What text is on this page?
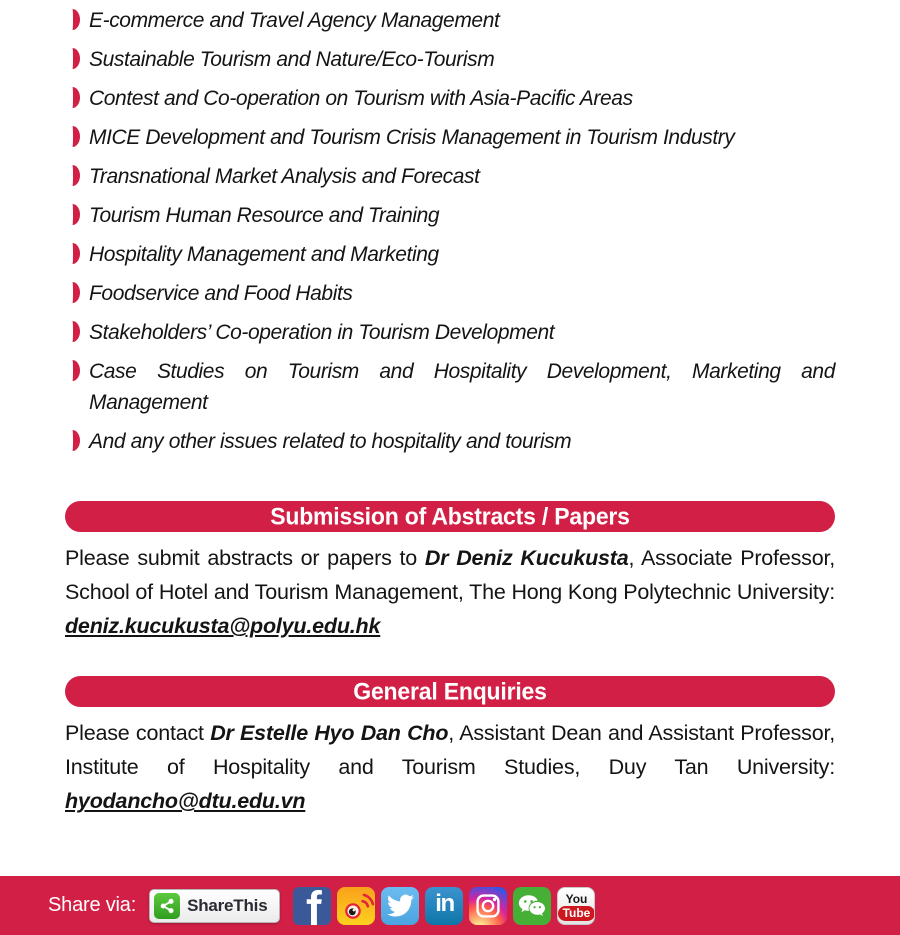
E-commerce and Travel Agency Management
Sustainable Tourism and Nature/Eco-Tourism
Contest and Co-operation on Tourism with Asia-Pacific Areas
MICE Development and Tourism Crisis Management in Tourism Industry
Transnational Market Analysis and Forecast
Tourism Human Resource and Training
Hospitality Management and Marketing
Foodservice and Food Habits
Stakeholders’ Co-operation in Tourism Development
Case Studies on Tourism and Hospitality Development, Marketing and Management
And any other issues related to hospitality and tourism
Submission of Abstracts / Papers

Please submit abstracts or papers to Dr Deniz Kucukusta, Associate Professor, School of Hotel and Tourism Management, The Hong Kong Polytechnic University: deniz.kucukusta@polyu.edu.hk

General Enquiries

Please contact Dr Estelle Hyo Dan Cho, Assistant Dean and Assistant Professor, Institute of Hospitality and Tourism Studies, Duy Tan University: hyodancho@dtu.edu.vn

Share via:	ShareThis	in	You
Tube
